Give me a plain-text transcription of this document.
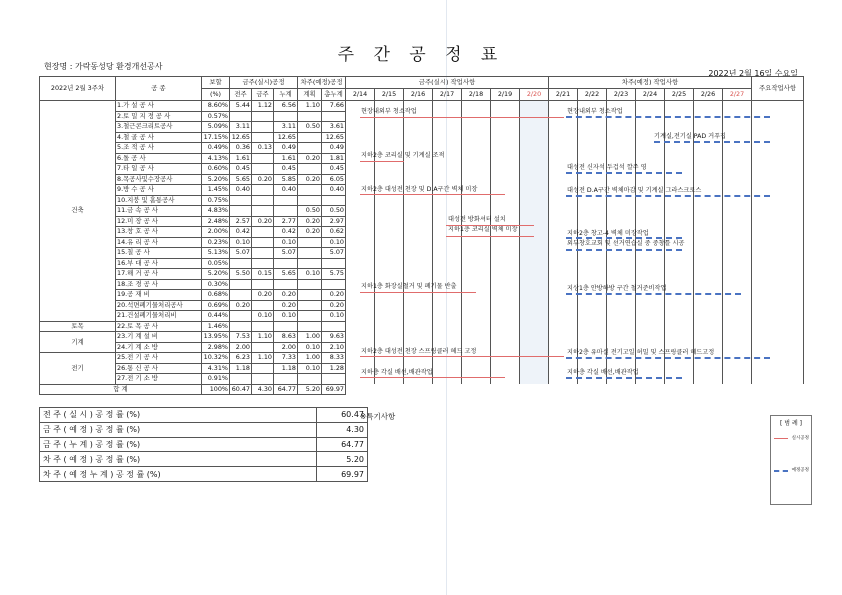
주 간 공 정 표
현장명 : 가락동성당 환경개선공사
2022년 2월 16일 수요일
2022년 2월 3주차	공 종	보할	금주(실시)공정			차주(예정)공정		금주(실시) 작업사항							차주(예정) 작업사항							주요작업사항
		(%)	전주	금주	누계	계획	총누계	2/14	2/15	2/16	2/17	2/18	2/19	2/20	2/21	2/22	2/23	2/24	2/25	2/26	2/27	
건축	1.가 설 공 사	8.60%	5.44	1.12	6.56	1.10	7.66															
	2.토 밀 지 정 공 사	0.57%																				
	3.철근콘크리트공사	5.09%	3.11		3.11	0.50	3.61															
	4.철 골 공 사	17.15%	12.65		12.65		12.65															
	5.조 적 공 사	0.49%	0.36	0.13	0.49		0.49															
	6.돌 공 사	4.13%	1.61		1.61	0.20	1.81															
	7.타 일 공 사	0.60%	0.45		0.45		0.45															
	8.목공사및수장공사	5.20%	5.65	0.20	5.85	0.20	6.05															
	9.방 수 공 사	1.45%	0.40		0.40		0.40															
	10.지붕 및 홈통공사	0.75%																				
	11.금 속 공 사	4.83%				0.50	0.50															
	12.미 장 공 사	2.48%	2.57	0.20	2.77	0.20	2.97															
	13.창 호 공 사	2.00%	0.42		0.42	0.20	0.62															
	14.유 리 공 사	0.23%	0.10		0.10		0.10															
	15.칠 공 사	5.13%	5.07		5.07		5.07															
	16.부 대 공 사	0.05%																				
	17.해 거 공 사	5.20%	5.50	0.15	5.65	0.10	5.75															
	18.조 경 공 사	0.30%																				
	19.공 재 비	0.68%		0.20	0.20		0.20															
	20.석면폐기물처리공사	0.69%	0.20		0.20		0.20															
	21.건설폐기물처리비	0.44%		0.10	0.10		0.10															
토목	22.토 목 공 사	1.46%																				
기계	23.기 계 설 비	13.95%	7.53	1.10	8.63	1.00	9.63															
	24.기 계 소 방	2.98%	2.00		2.00	0.10	2.10															
전기	25.전 기 공 사	10.32%	6.23	1.10	7.33	1.00	8.33															
	26.통 신 공 사	4.31%	1.18		1.18	0.10	1.28															
	27.전 기 소 방	0.91%																				
합 계		100%	60.47	4.30	64.77	5.20	69.97															
현장내외부 청소작업
지하2층 코리실 및 기계실 조적
지하2층 대성전 천장 및 D.A구간 벽체 미장
대성전 방화셔터 설치
지하1층 코리실 벽체 미장
지하1층 화장실철거 및 폐기물 반출
지하2층 대성전 천장 스프링클러 헤드 고정
지하층 각실 배선,배관작업
현장내외부 청소작업
기계실,전기실 PAD 거푸집
대성전 신자석 두겁석 깔주 영
대성전 D.A구간 벽체마감 및 기계실 그라스크로스
지하2층 창고-4 벽체 미장작업
외부창호교회 및 선거연습실 중 중창틀 시공
지상1층 안방하방 구간 철거준비작업
지하2층 유마실 전기고일 허밀 및 스프링클러 헤드고정
지하층 각실 배선,배관작업
전 주 ( 실 시 ) 공 정 률 (%)	60.47
금 주 ( 예 정 ) 공 정 률 (%)	4.30
금 주 ( 누 계 ) 공 정 률 (%)	64.77
차 주 ( 예 정 ) 공 정 률 (%)	5.20
차 주 ( 예 정 누 계 ) 공 정 률 (%)	69.97
※특기사항
[ 범 례 ]
실시공정
예정공정
